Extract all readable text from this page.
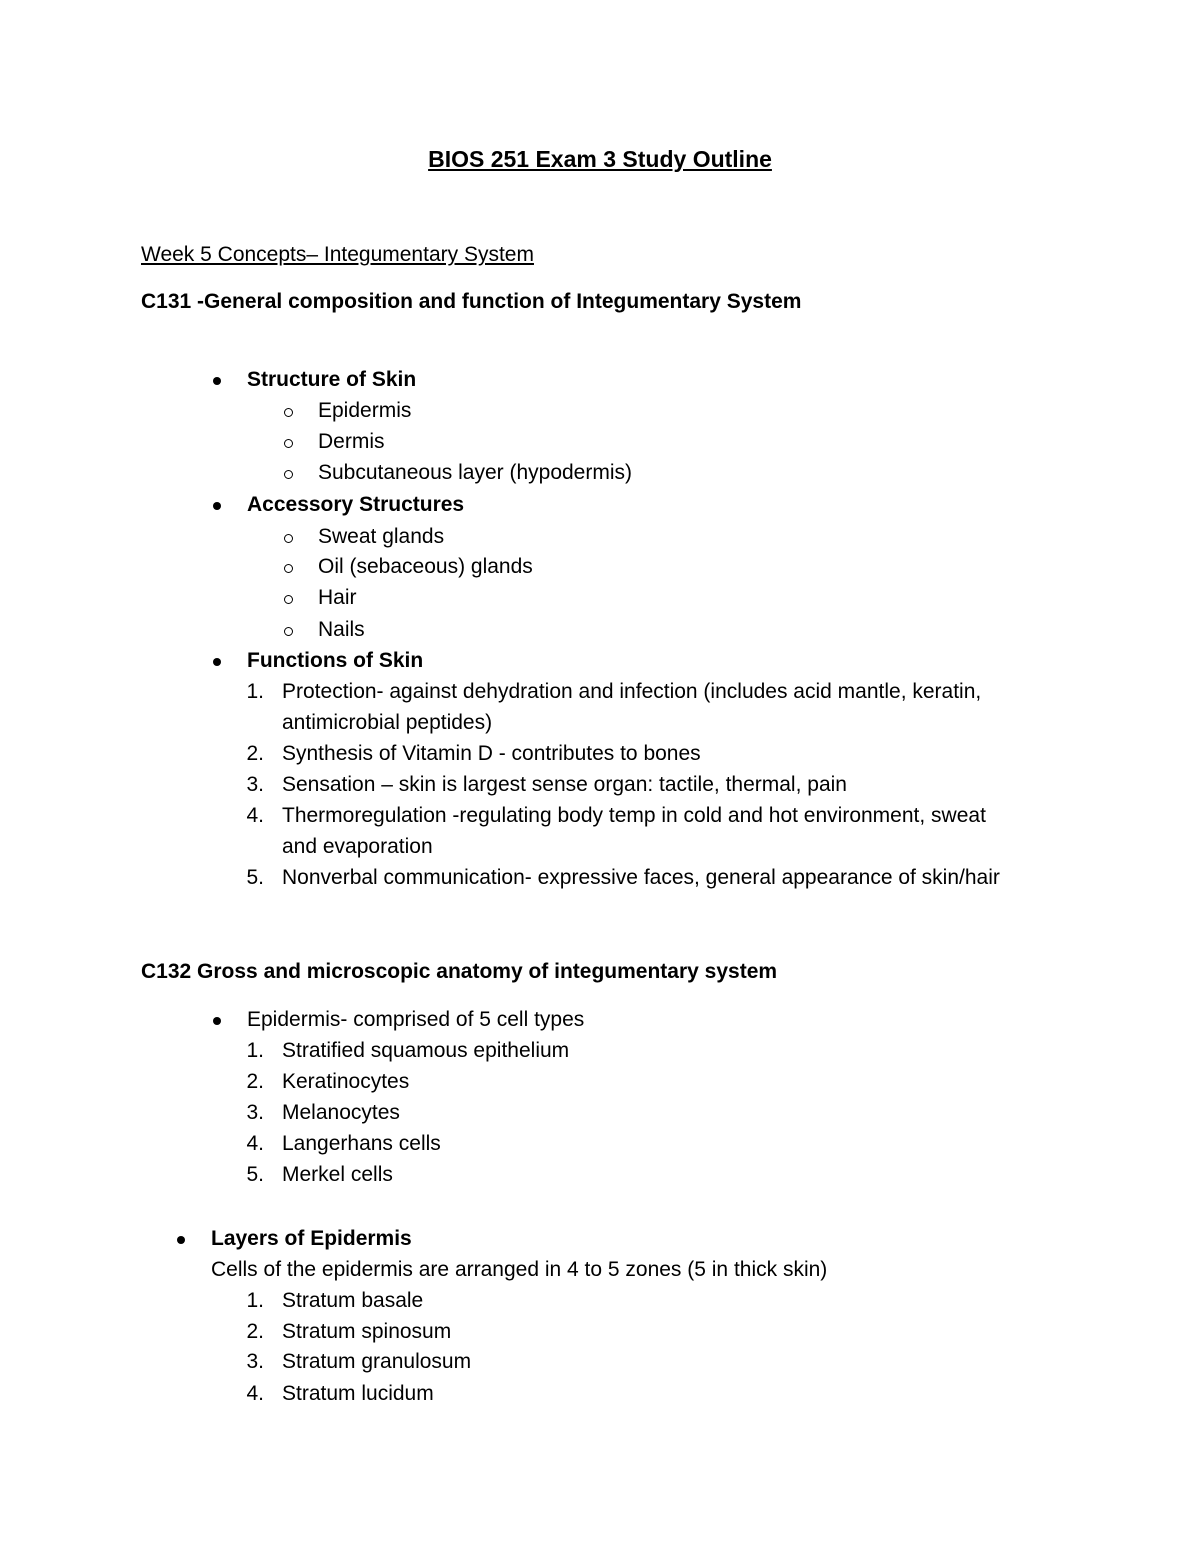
BIOS 251 Exam 3 Study Outline
Week 5 Concepts– Integumentary System
C131 -General composition and function of Integumentary System
Structure of Skin
Epidermis
Dermis
Subcutaneous layer (hypodermis)
Accessory Structures
Sweat glands
Oil (sebaceous) glands
Hair
Nails
Functions of Skin
1. Protection- against dehydration and infection (includes acid mantle, keratin,
antimicrobial peptides)
2. Synthesis of Vitamin D - contributes to bones
3. Sensation – skin is largest sense organ: tactile, thermal, pain
4. Thermoregulation -regulating body temp in cold and hot environment, sweat
and evaporation
5. Nonverbal communication- expressive faces, general appearance of skin/hair
C132 Gross and microscopic anatomy of integumentary system
Epidermis- comprised of 5 cell types
1. Stratified squamous epithelium
2. Keratinocytes
3. Melanocytes
4. Langerhans cells
5. Merkel cells
Layers of Epidermis
Cells of the epidermis are arranged in 4 to 5 zones (5 in thick skin)
1. Stratum basale
2. Stratum spinosum
3. Stratum granulosum
4. Stratum lucidum
